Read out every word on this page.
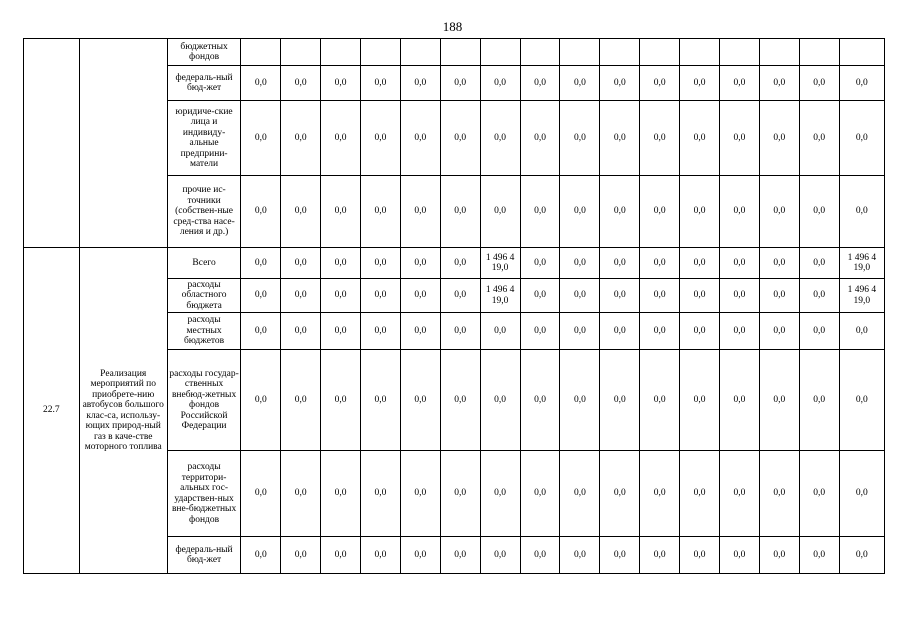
188
		бюджетных фондов																
		федераль-ный бюд-жет	0,0	0,0	0,0	0,0	0,0	0,0	0,0	0,0	0,0	0,0	0,0	0,0	0,0	0,0	0,0	0,0
		юридиче-ские лица и индивиду-альные предприни-матели	0,0	0,0	0,0	0,0	0,0	0,0	0,0	0,0	0,0	0,0	0,0	0,0	0,0	0,0	0,0	0,0
		прочие ис-точники (собствен-ные сред-ства насе-ления и др.)	0,0	0,0	0,0	0,0	0,0	0,0	0,0	0,0	0,0	0,0	0,0	0,0	0,0	0,0	0,0	0,0
22.7	Реализация мероприятий по приобрете-нию автобусов большого клас-са, использу-ющих природ-ный газ в каче-стве моторного топлива	Всего	0,0	0,0	0,0	0,0	0,0	0,0	1 496 4 19,0	0,0	0,0	0,0	0,0	0,0	0,0	0,0	0,0	1 496 4 19,0
		расходы областного бюджета	0,0	0,0	0,0	0,0	0,0	0,0	1 496 4 19,0	0,0	0,0	0,0	0,0	0,0	0,0	0,0	0,0	1 496 4 19,0
		расходы местных бюджетов	0,0	0,0	0,0	0,0	0,0	0,0	0,0	0,0	0,0	0,0	0,0	0,0	0,0	0,0	0,0	0,0
		расходы государ-ственных внебюд-жетных фондов Российской Федерации	0,0	0,0	0,0	0,0	0,0	0,0	0,0	0,0	0,0	0,0	0,0	0,0	0,0	0,0	0,0	0,0
		расходы территори-альных гос-ударствен-ных вне-бюджетных фондов	0,0	0,0	0,0	0,0	0,0	0,0	0,0	0,0	0,0	0,0	0,0	0,0	0,0	0,0	0,0	0,0
		федераль-ный бюд-жет	0,0	0,0	0,0	0,0	0,0	0,0	0,0	0,0	0,0	0,0	0,0	0,0	0,0	0,0	0,0	0,0
